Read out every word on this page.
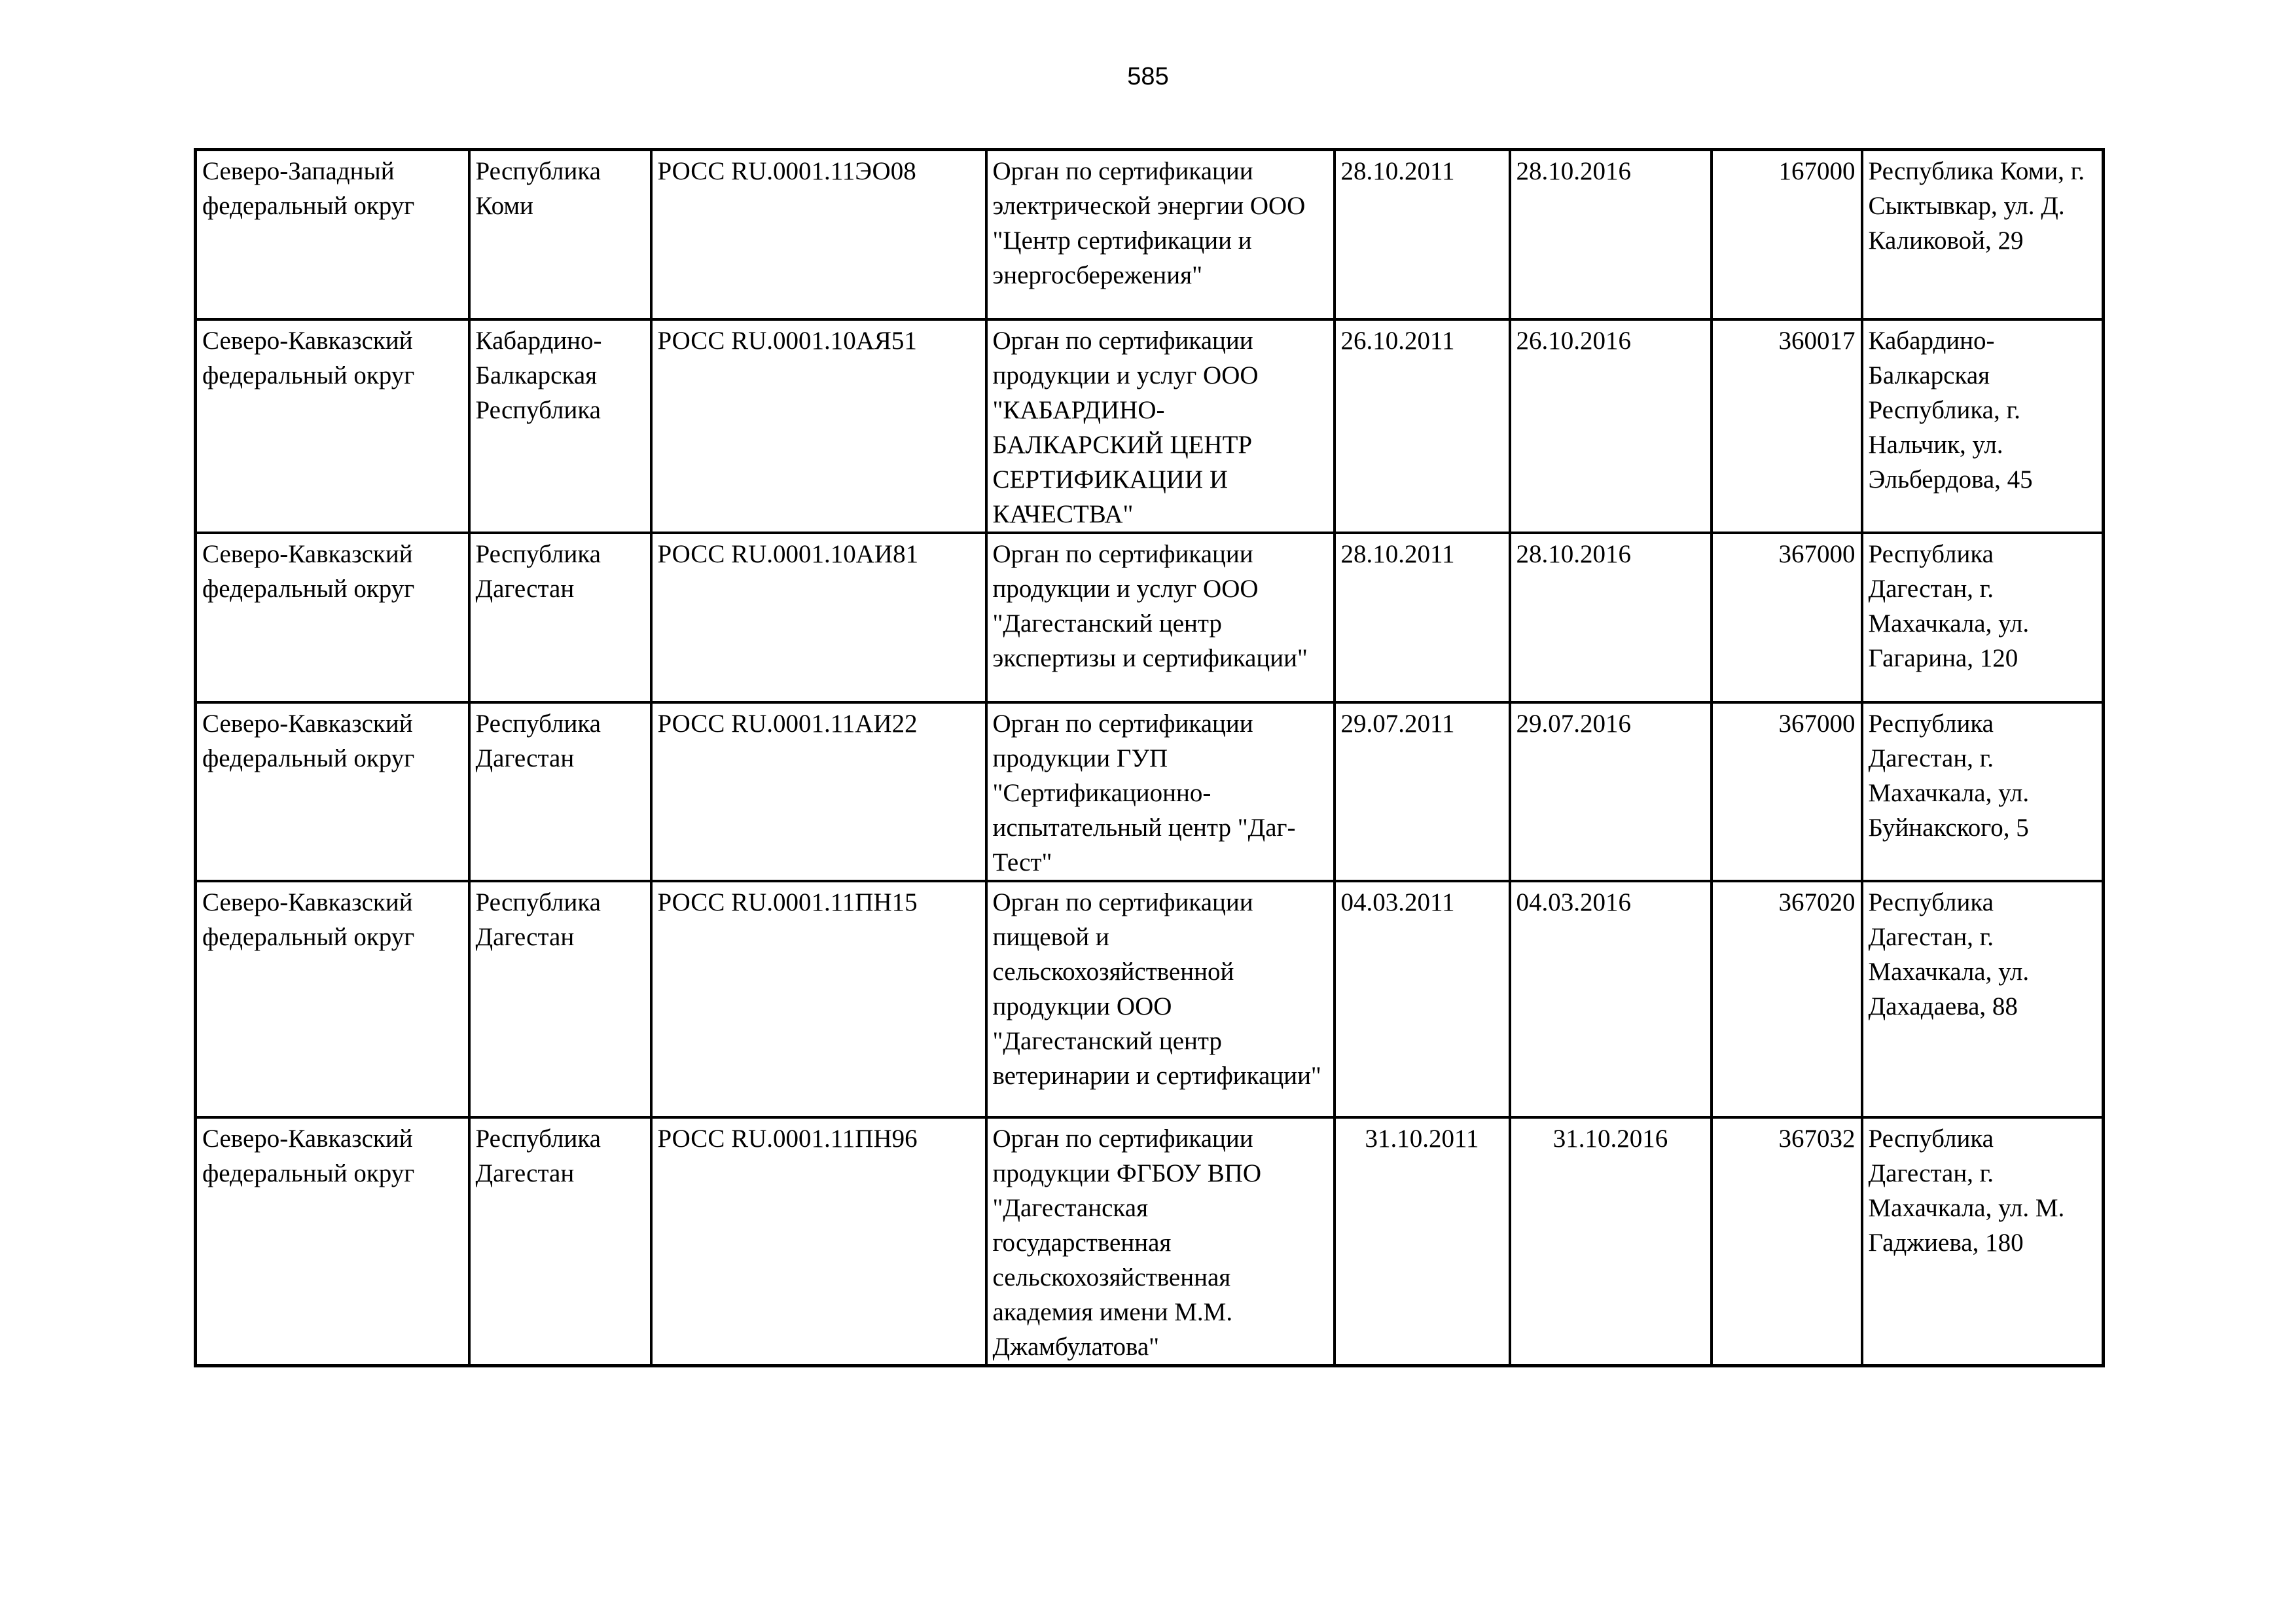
585
Северо-Западный федеральный округ	Республика Коми	РОСС RU.0001.11ЭО08	Орган по сертификации электрической энергии ООО "Центр сертификации и энергосбережения"	28.10.2011	28.10.2016	167000	Республика Коми, г. Сыктывкар, ул. Д. Каликовой, 29
Северо-Кавказский федеральный округ	Кабардино-Балкарская Республика	РОСС RU.0001.10АЯ51	Орган по сертификации продукции и услуг ООО "КАБАРДИНО-БАЛКАРСКИЙ ЦЕНТР СЕРТИФИКАЦИИ И КАЧЕСТВА"	26.10.2011	26.10.2016	360017	Кабардино-Балкарская Республика, г. Нальчик, ул. Эльбердова, 45
Северо-Кавказский федеральный округ	Республика Дагестан	РОСС RU.0001.10АИ81	Орган по сертификации продукции и услуг ООО "Дагестанский центр экспертизы и сертификации"	28.10.2011	28.10.2016	367000	Республика Дагестан, г. Махачкала, ул. Гагарина, 120
Северо-Кавказский федеральный округ	Республика Дагестан	РОСС RU.0001.11АИ22	Орган по сертификации продукции ГУП "Сертификационно-испытательный центр "Даг-Тест"	29.07.2011	29.07.2016	367000	Республика Дагестан, г. Махачкала, ул. Буйнакского, 5
Северо-Кавказский федеральный округ	Республика Дагестан	РОСС RU.0001.11ПН15	Орган по сертификации пищевой и сельскохозяйственной продукции ООО "Дагестанский центр ветеринарии и сертификации"	04.03.2011	04.03.2016	367020	Республика Дагестан, г. Махачкала, ул. Дахадаева, 88
Северо-Кавказский федеральный округ	Республика Дагестан	РОСС RU.0001.11ПН96	Орган по сертификации продукции ФГБОУ ВПО "Дагестанская государственная сельскохозяйственная академия имени М.М. Джамбулатова"	31.10.2011	31.10.2016	367032	Республика Дагестан, г. Махачкала, ул. М. Гаджиева, 180
